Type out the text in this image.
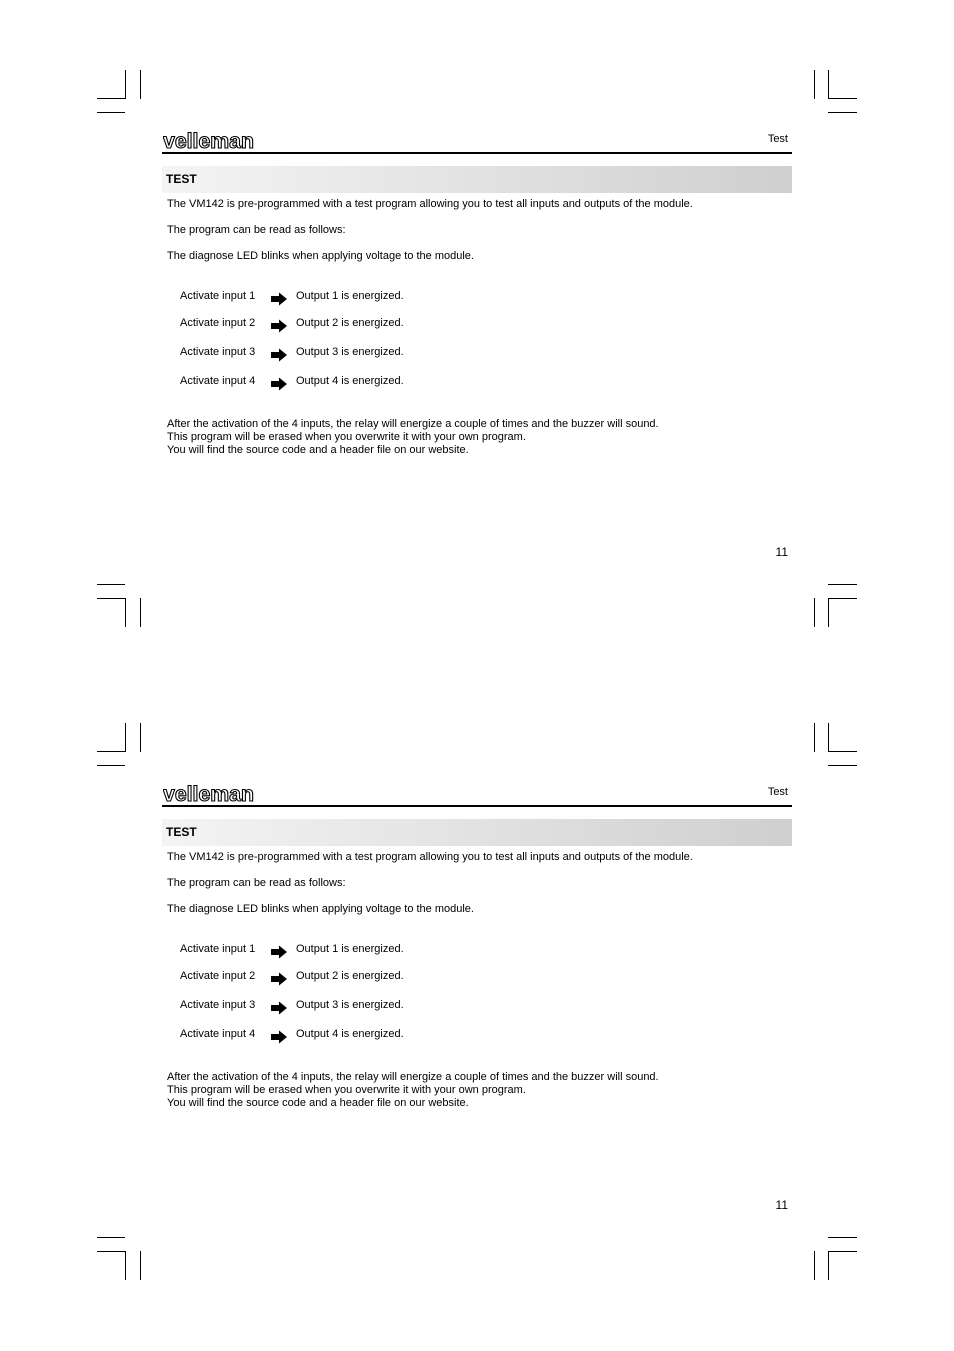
velleman	Test
TEST
The VM142 is pre-programmed with a test program allowing you to test all inputs and outputs of the module.
The program can be read as follows:
The diagnose LED blinks when applying voltage to the module.
Activate input 1	Output 1 is energized.
Activate input 2	Output 2 is energized.
Activate input 3	Output 3 is energized.
Activate input 4	Output 4 is energized.
After the activation of the 4 inputs, the relay will energize a couple of times and the buzzer will sound.
This program will be erased when you overwrite it with your own program.
You will find the source code and a header file on our website.
11
velleman	Test
TEST
The VM142 is pre-programmed with a test program allowing you to test all inputs and outputs of the module.
The program can be read as follows:
The diagnose LED blinks when applying voltage to the module.
Activate input 1	Output 1 is energized.
Activate input 2	Output 2 is energized.
Activate input 3	Output 3 is energized.
Activate input 4	Output 4 is energized.
After the activation of the 4 inputs, the relay will energize a couple of times and the buzzer will sound.
This program will be erased when you overwrite it with your own program.
You will find the source code and a header file on our website.
11
